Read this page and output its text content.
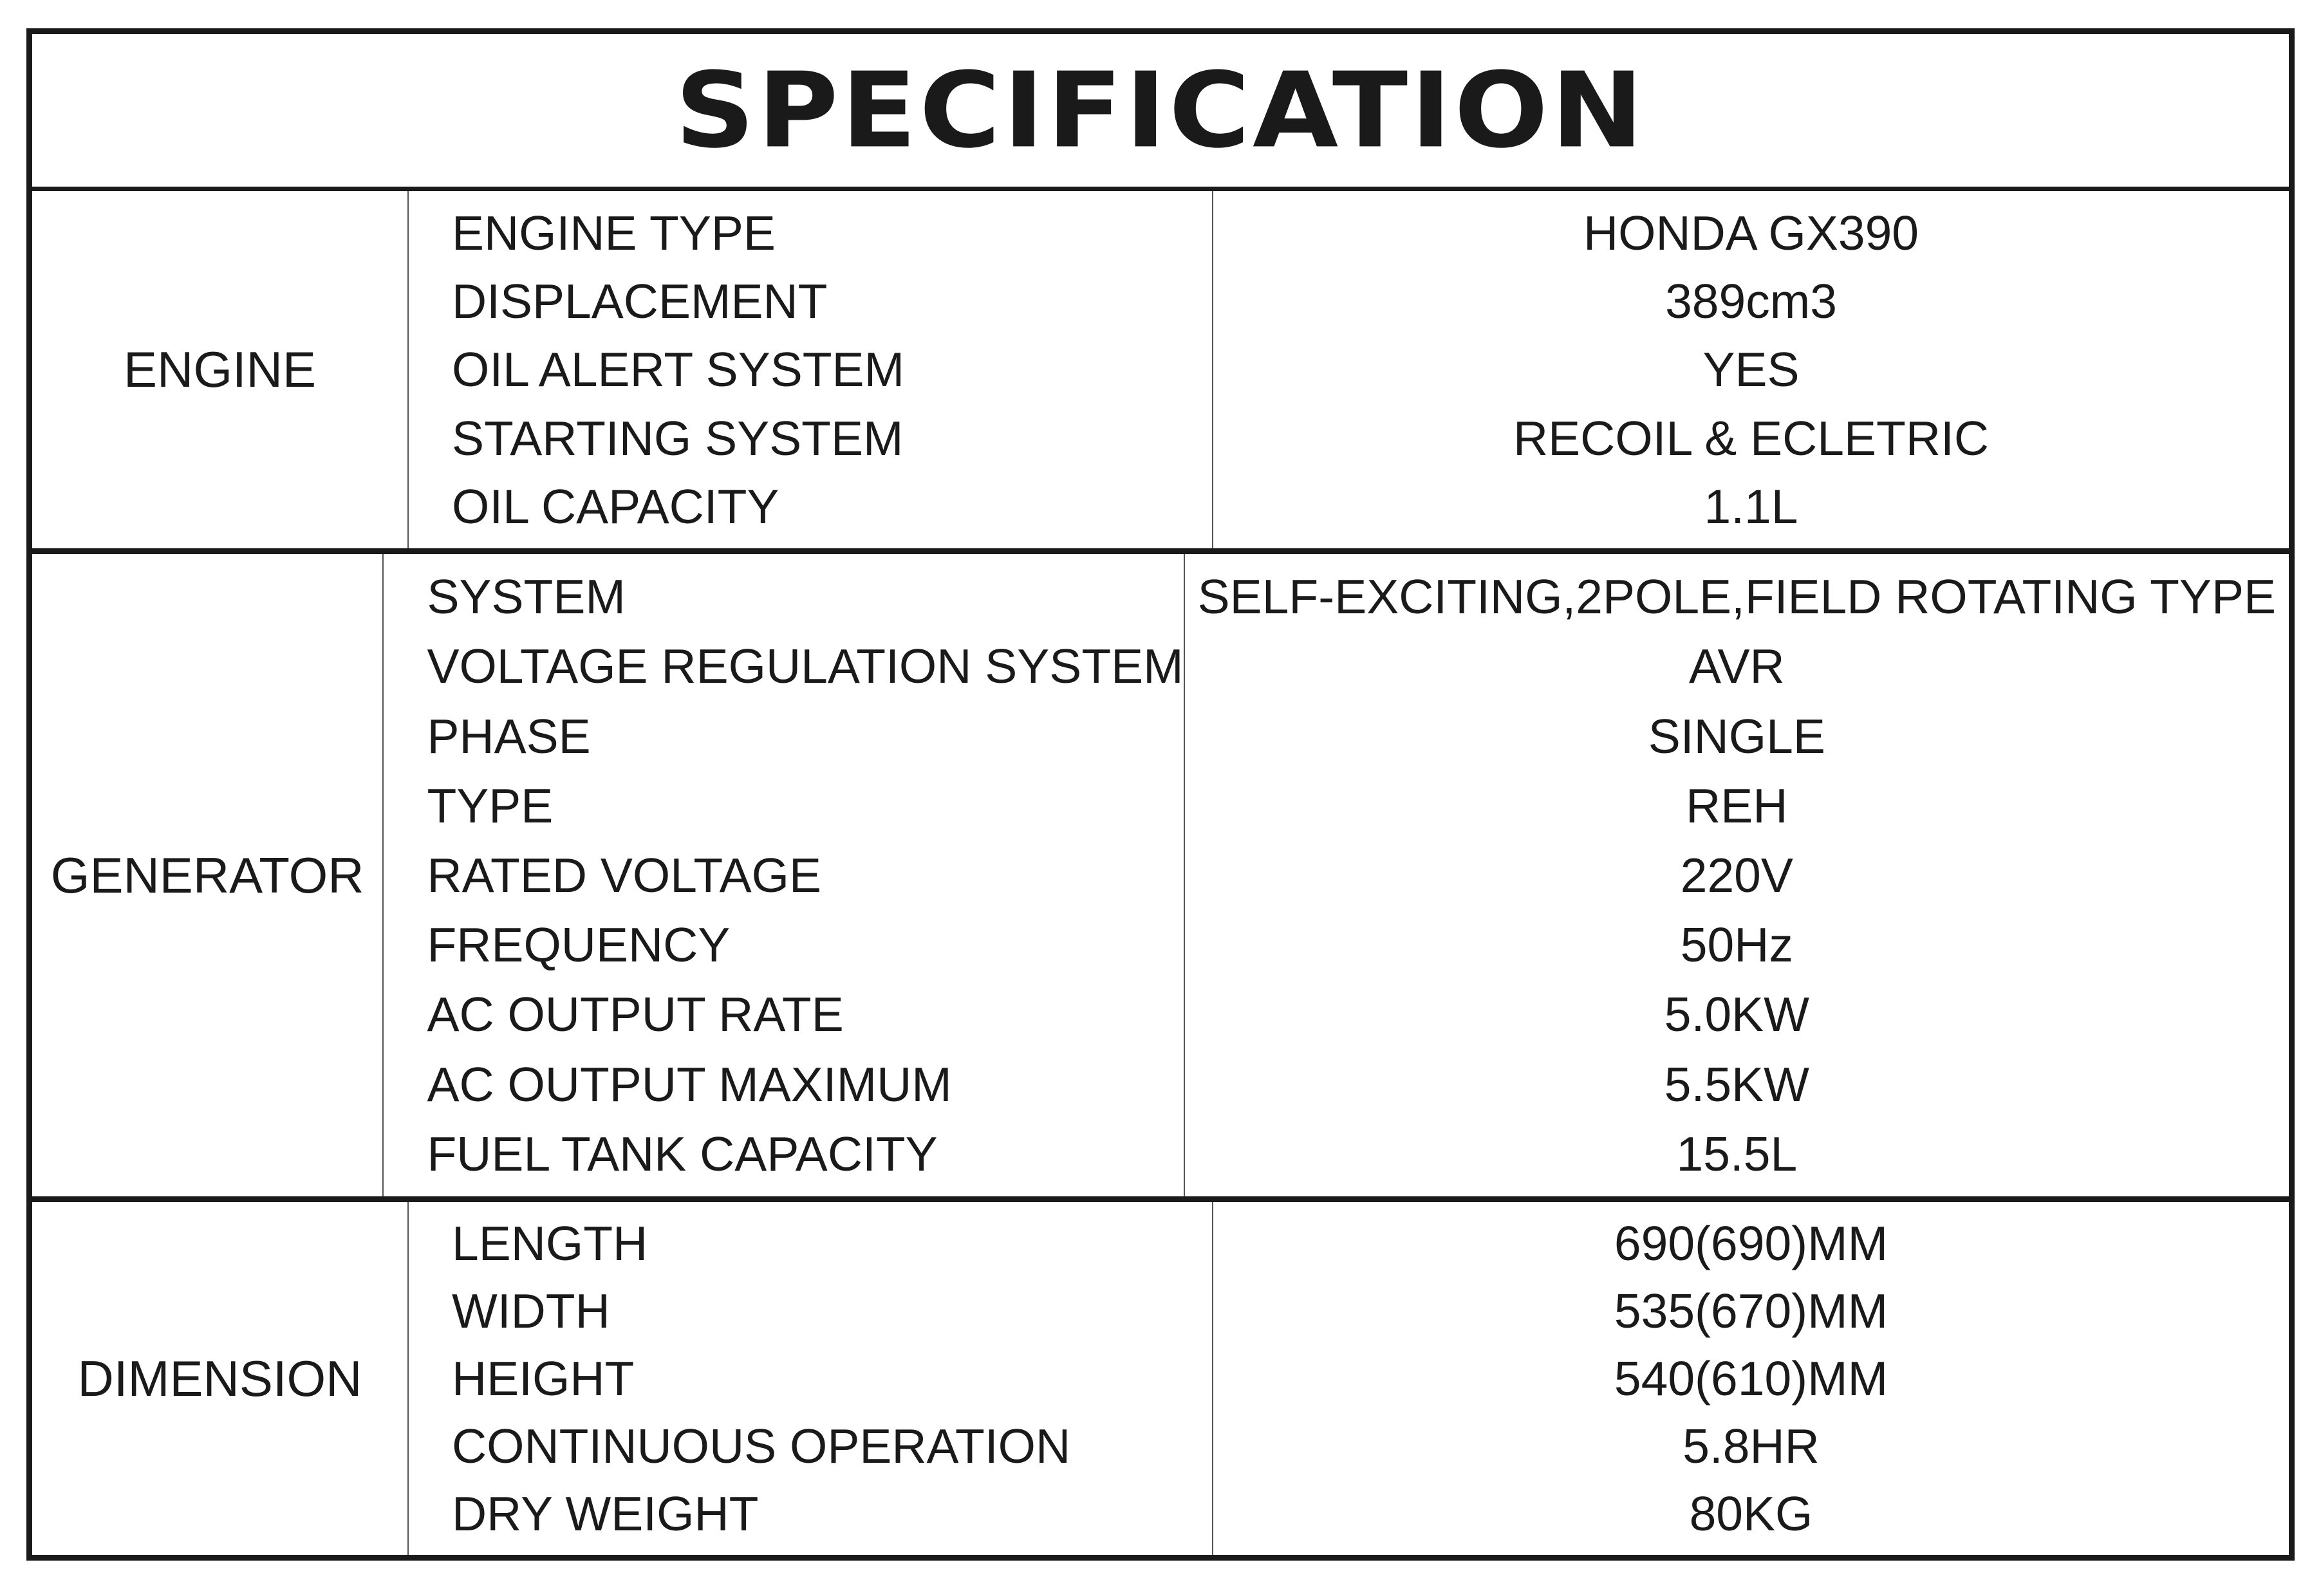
SPECIFICATION
ENGINE
ENGINE TYPE
DISPLACEMENT
OIL ALERT SYSTEM
STARTING SYSTEM
OIL CAPACITY
HONDA GX390
389cm3
YES
RECOIL & ECLETRIC
1.1L
GENERATOR
SYSTEM
VOLTAGE REGULATION SYSTEM
PHASE
TYPE
RATED VOLTAGE
FREQUENCY
AC OUTPUT RATE
AC OUTPUT MAXIMUM
FUEL TANK CAPACITY
SELF-EXCITING,2POLE,FIELD ROTATING TYPE
AVR
SINGLE
REH
220V
50Hz
5.0KW
5.5KW
15.5L
DIMENSION
LENGTH
WIDTH
HEIGHT
CONTINUOUS OPERATION
DRY WEIGHT
690(690)MM
535(670)MM
540(610)MM
5.8HR
80KG
